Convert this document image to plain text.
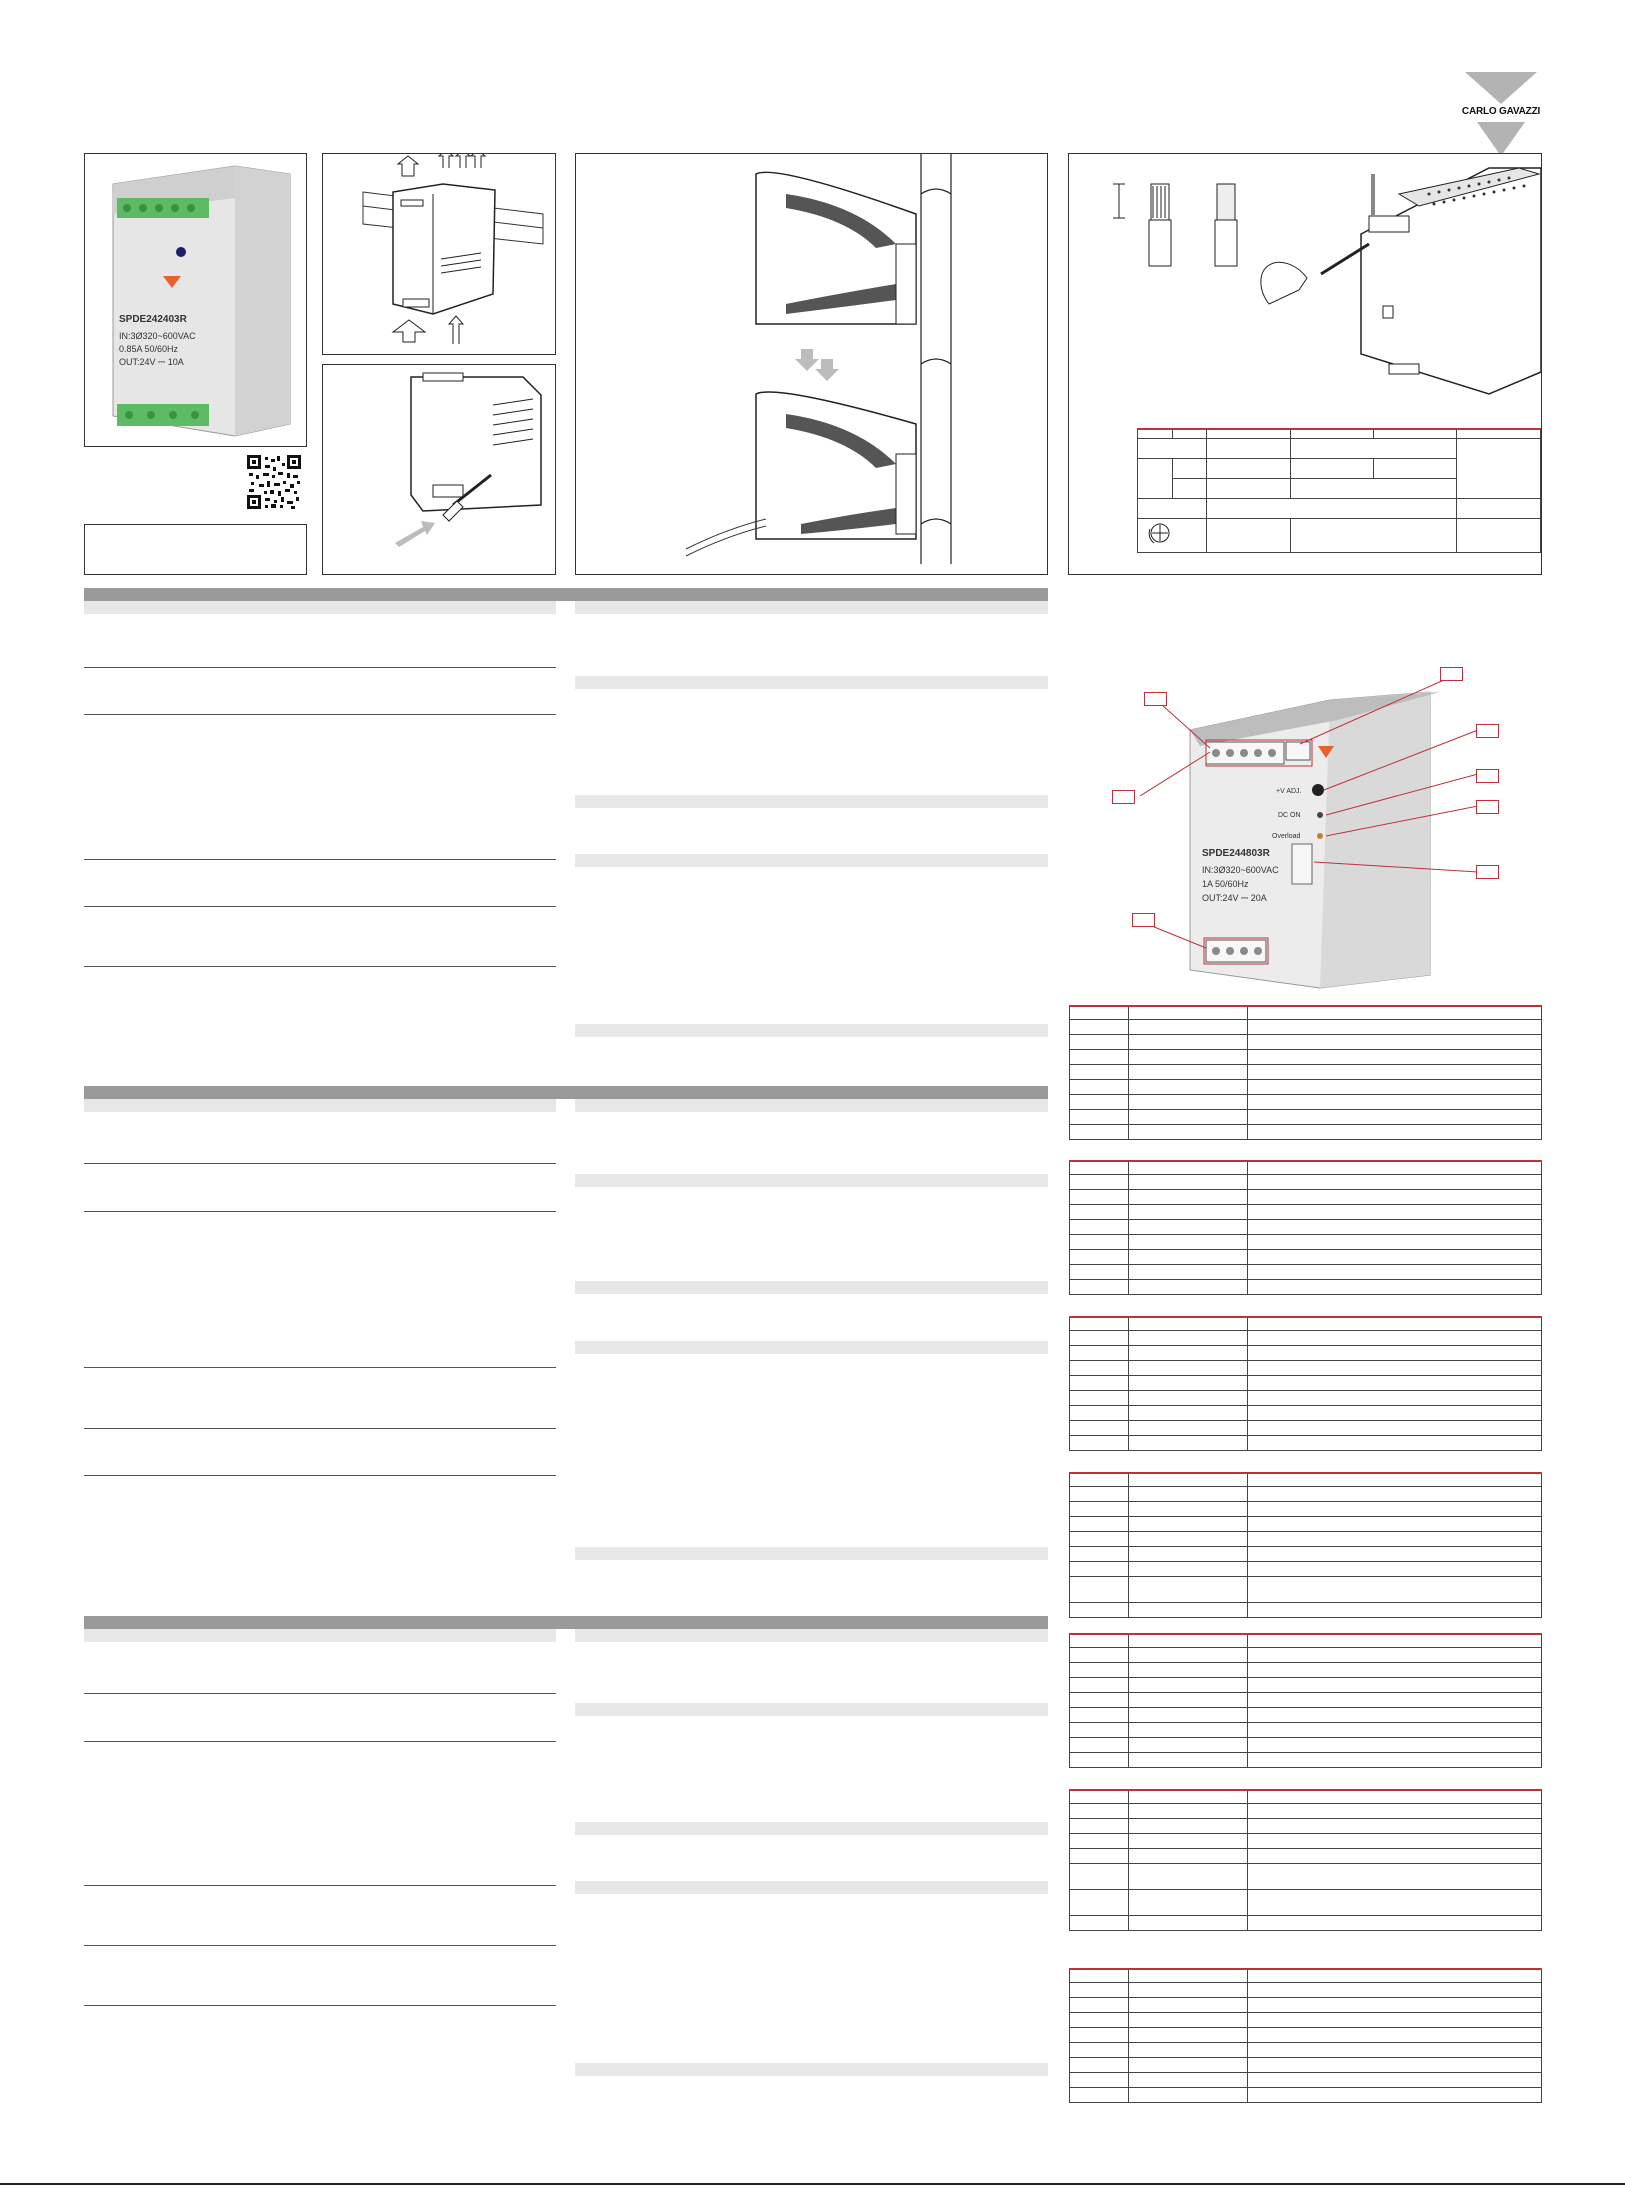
CARLO GAVAZZI
SPDE242403R
IN:3Ø320~600VAC
0.85A 50/60Hz
OUT:24V ⎓ 10A

SPDE244803R
IN:3Ø320~600VAC
1A 50/60Hz
OUT:24V ⎓ 20A
+V ADJ.
DC ON
Overload
